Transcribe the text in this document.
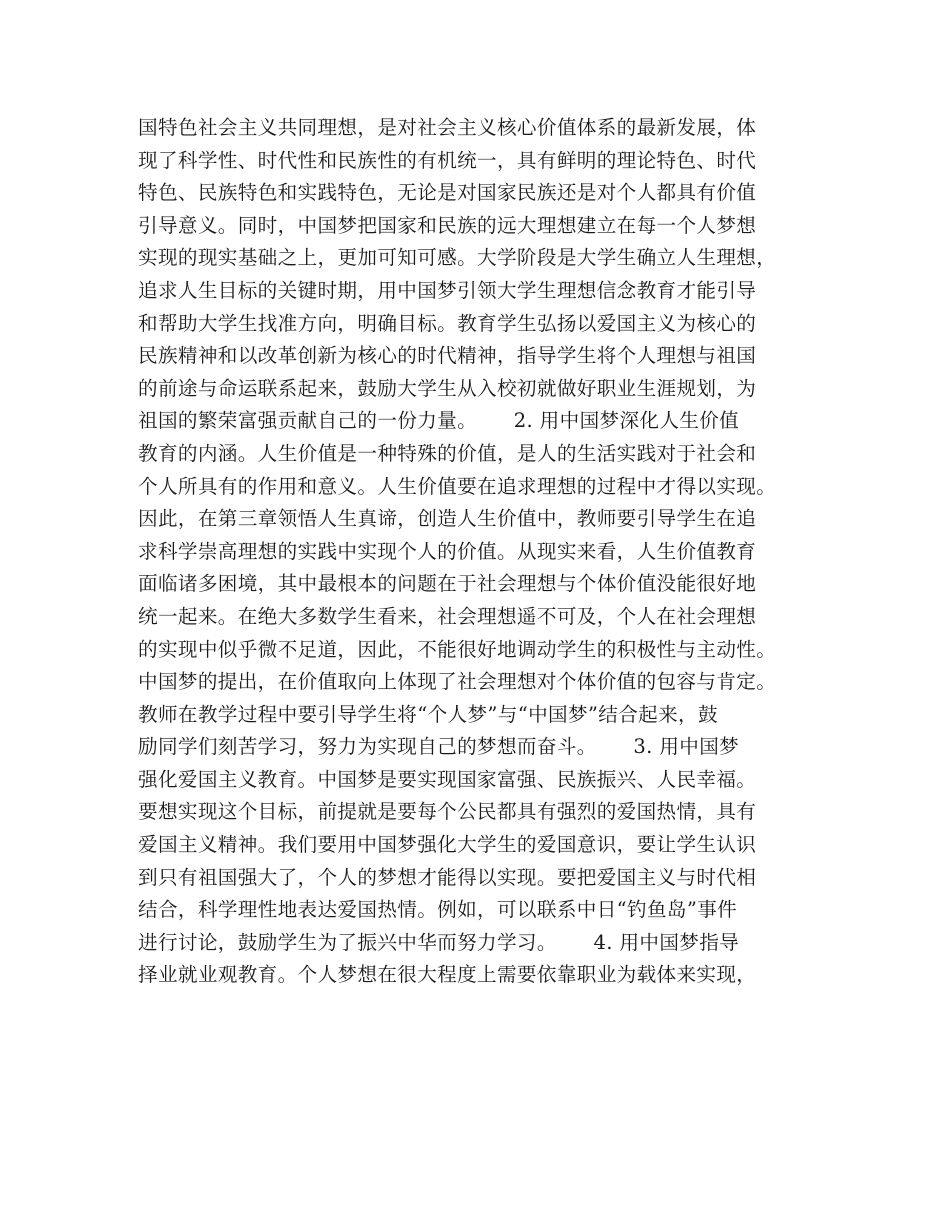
国特色社会主义共同理想，是对社会主义核心价值体系的最新发展，体
现了科学性、时代性和民族性的有机统一，具有鲜明的理论特色、时代
特色、民族特色和实践特色，无论是对国家民族还是对个人都具有价值
引导意义。同时，中国梦把国家和民族的远大理想建立在每一个人梦想
实现的现实基础之上，更加可知可感。大学阶段是大学生确立人生理想，
追求人生目标的关键时期，用中国梦引领大学生理想信念教育才能引导
和帮助大学生找准方向，明确目标。教育学生弘扬以爱国主义为核心的
民族精神和以改革创新为核心的时代精神，指导学生将个人理想与祖国
的前途与命运联系起来，鼓励大学生从入校初就做好职业生涯规划，为
祖国的繁荣富强贡献自己的一份力量。　　 2. 用中国梦深化人生价值
教育的内涵。人生价值是一种特殊的价值，是人的生活实践对于社会和
个人所具有的作用和意义。人生价值要在追求理想的过程中才得以实现。
因此，在第三章领悟人生真谛，创造人生价值中，教师要引导学生在追
求科学崇高理想的实践中实现个人的价值。从现实来看，人生价值教育
面临诸多困境，其中最根本的问题在于社会理想与个体价值没能很好地
统一起来。在绝大多数学生看来，社会理想遥不可及，个人在社会理想
的实现中似乎微不足道，因此，不能很好地调动学生的积极性与主动性。
中国梦的提出，在价值取向上体现了社会理想对个体价值的包容与肯定。
教师在教学过程中要引导学生将“个人梦”与“中国梦”结合起来，鼓
励同学们刻苦学习，努力为实现自己的梦想而奋斗。　　 3. 用中国梦
强化爱国主义教育。中国梦是要实现国家富强、民族振兴、人民幸福。
要想实现这个目标，前提就是要每个公民都具有强烈的爱国热情，具有
爱国主义精神。我们要用中国梦强化大学生的爱国意识，要让学生认识
到只有祖国强大了，个人的梦想才能得以实现。要把爱国主义与时代相
结合，科学理性地表达爱国热情。例如，可以联系中日“钓鱼岛”事件
进行讨论，鼓励学生为了振兴中华而努力学习。　　 4. 用中国梦指导
择业就业观教育。个人梦想在很大程度上需要依靠职业为载体来实现，
